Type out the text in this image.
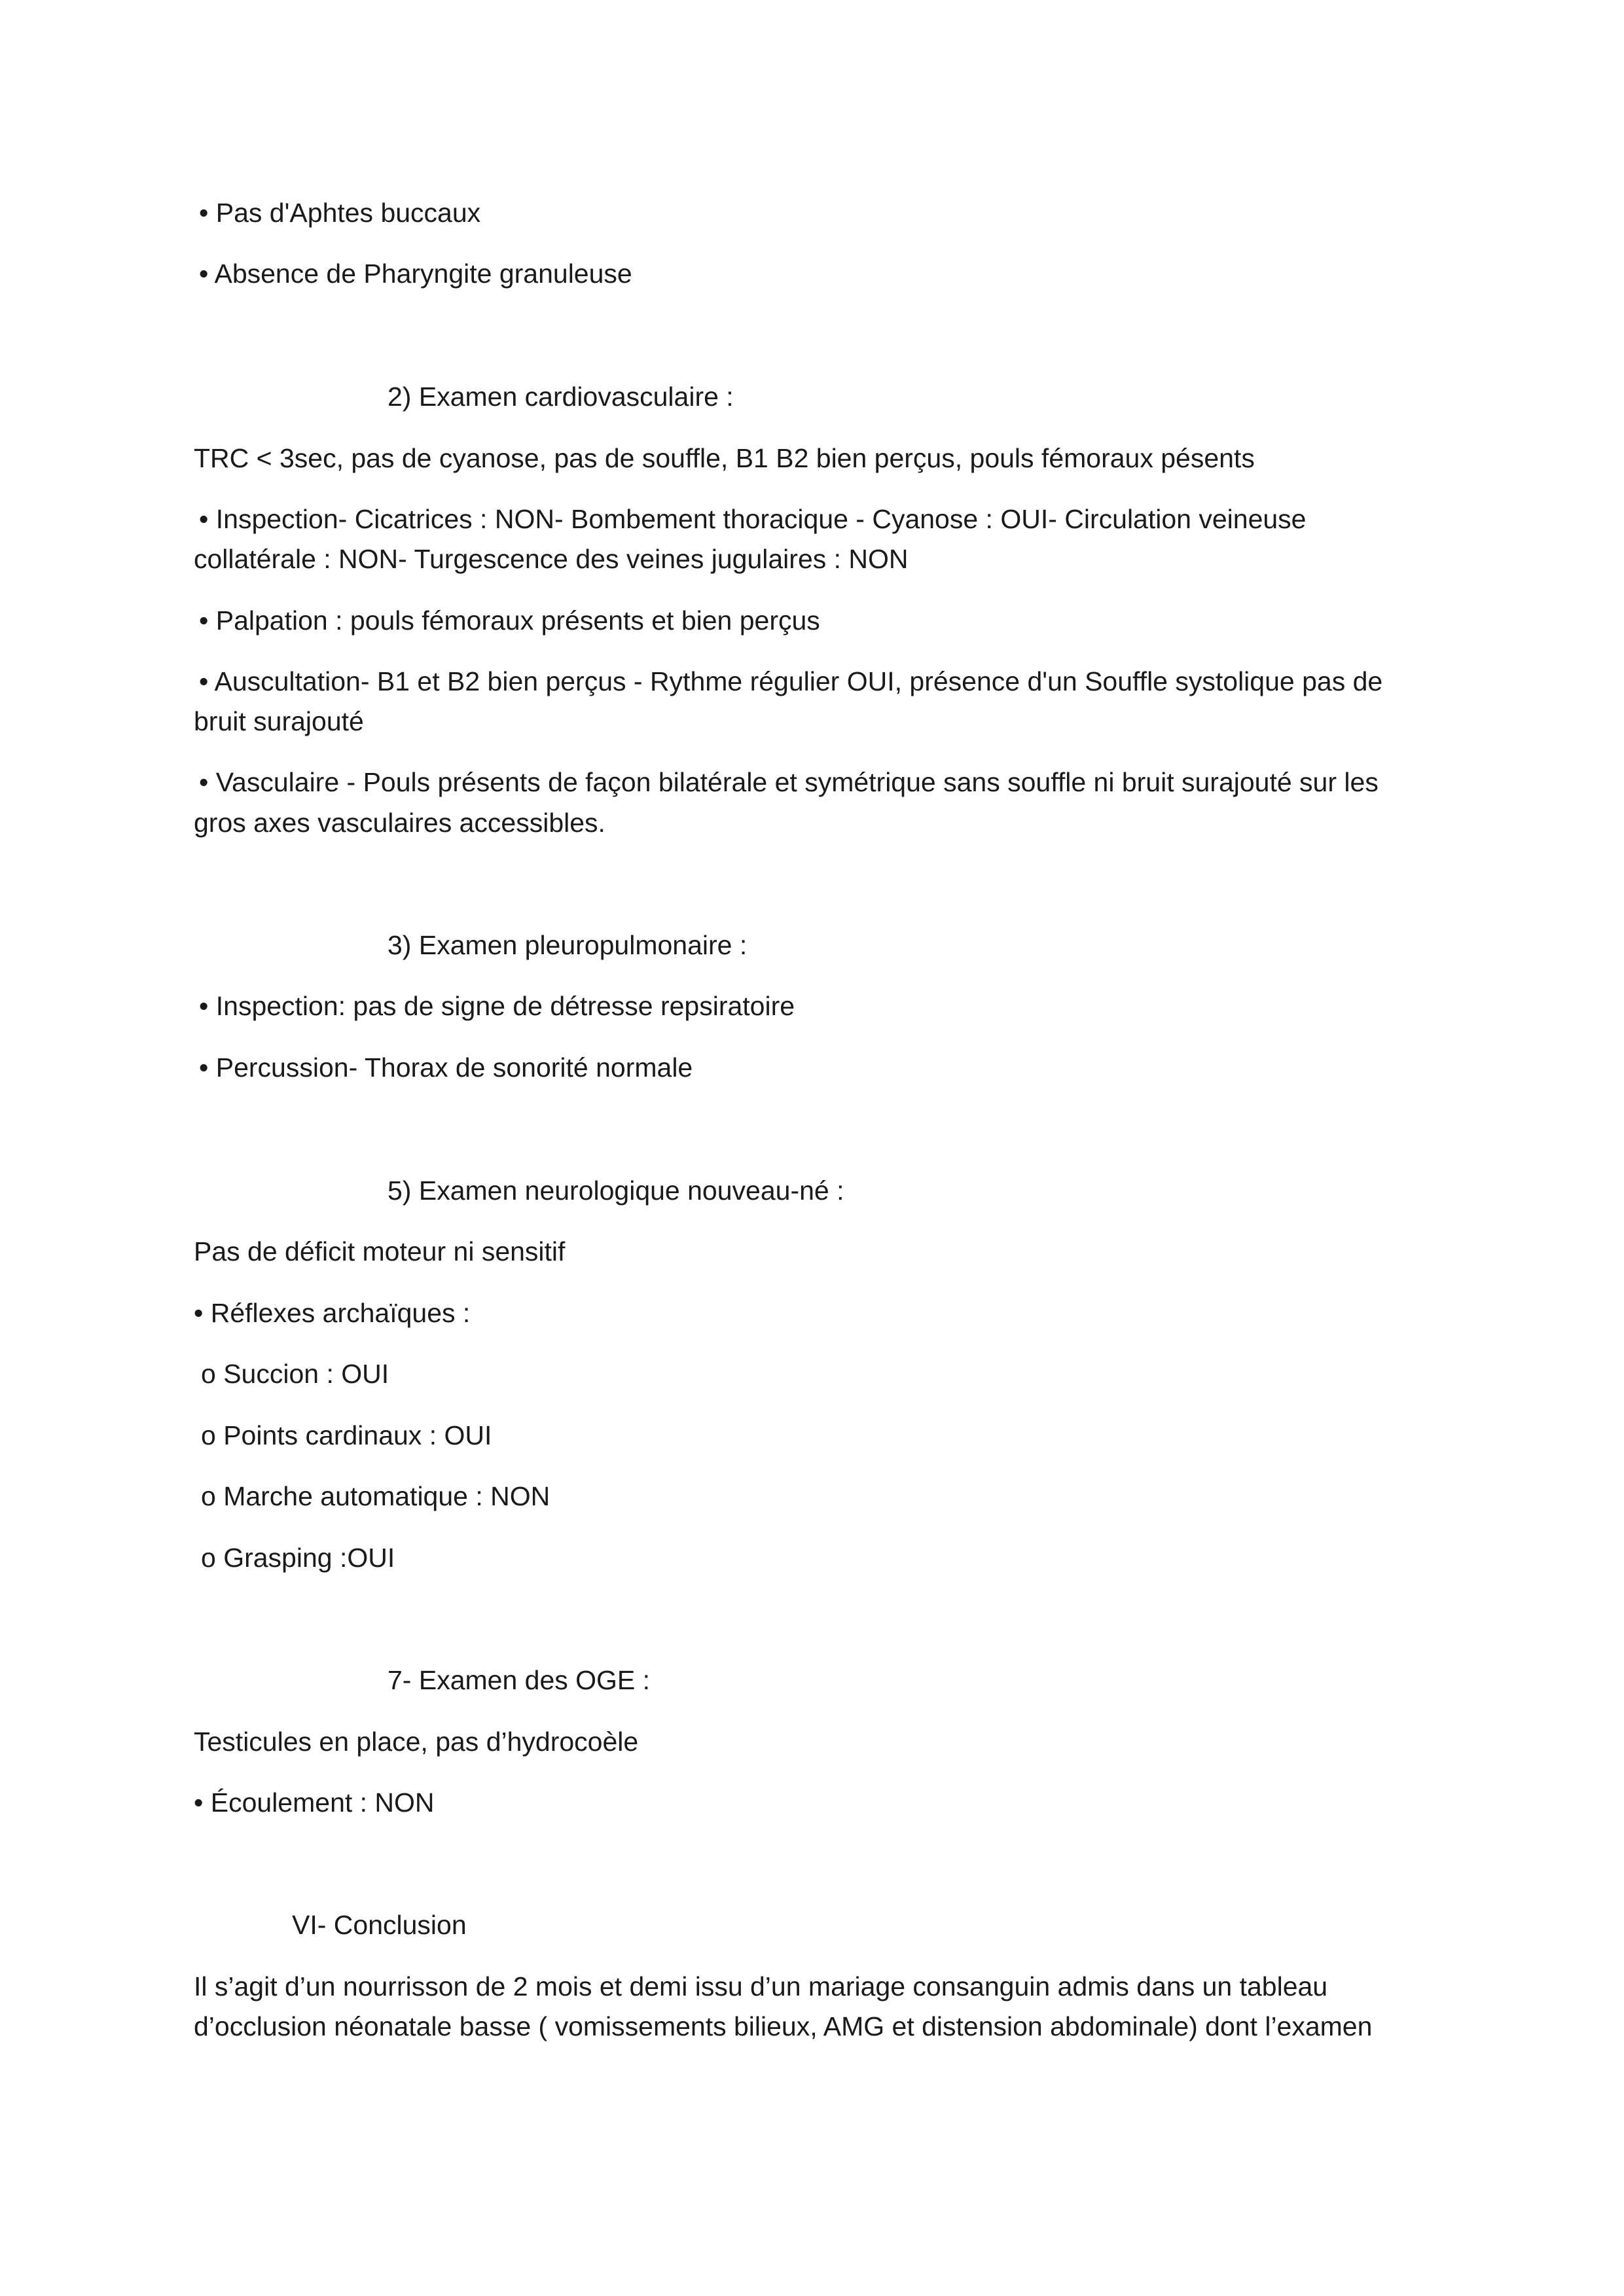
• Pas d'Aphtes buccaux

• Absence de Pharyngite granuleuse

2) Examen cardiovasculaire :

TRC < 3sec, pas de cyanose, pas de souffle, B1 B2 bien perçus, pouls fémoraux pésents

• Inspection- Cicatrices : NON- Bombement thoracique - Cyanose : OUI- Circulation veineuse

collatérale : NON- Turgescence des veines jugulaires : NON

• Palpation : pouls fémoraux présents et bien perçus

• Auscultation- B1 et B2 bien perçus - Rythme régulier OUI, présence d'un Souffle systolique pas de

bruit surajouté

• Vasculaire - Pouls présents de façon bilatérale et symétrique sans souffle ni bruit surajouté sur les

gros axes vasculaires accessibles.

3) Examen pleuropulmonaire :

• Inspection: pas de signe de détresse repsiratoire

• Percussion- Thorax de sonorité normale

5) Examen neurologique nouveau-né :

Pas de déficit moteur ni sensitif

• Réflexes archaïques :

o Succion : OUI

o Points cardinaux : OUI

o Marche automatique : NON

o Grasping :OUI

7- Examen des OGE :

Testicules en place, pas d’hydrocoèle

• Écoulement : NON

VI- Conclusion

Il s’agit d’un nourrisson de 2 mois et demi issu d’un mariage consanguin admis dans un tableau

d’occlusion néonatale basse ( vomissements bilieux, AMG et distension abdominale) dont l’examen
